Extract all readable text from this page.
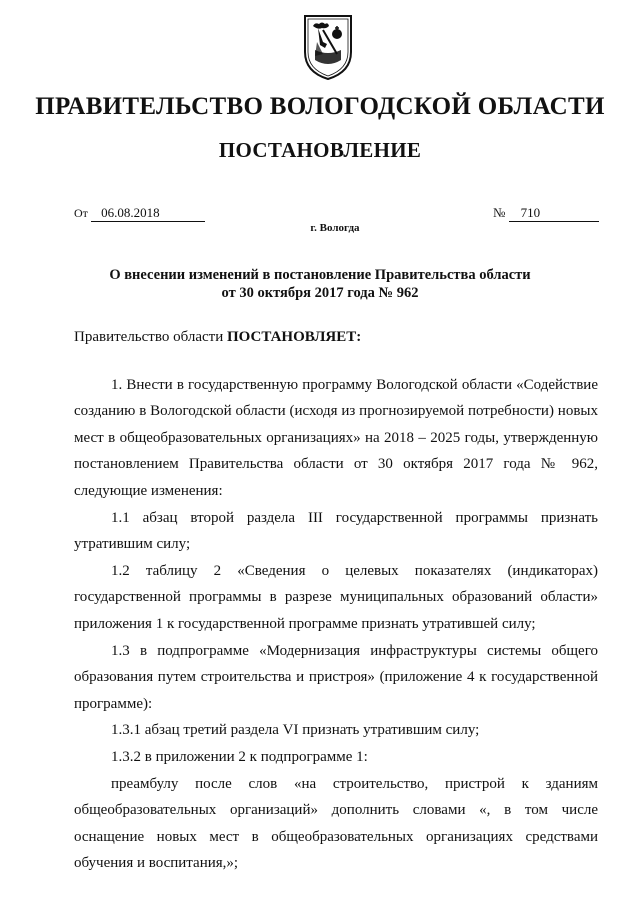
ПРАВИТЕЛЬСТВО ВОЛОГОДСКОЙ ОБЛАСТИ
ПОСТАНОВЛЕНИЕ
От 06.08.2018	№ 710
г. Вологда
О внесении изменений в постановление Правительства области
от 30 октября 2017 года № 962

Правительство области ПОСТАНОВЛЯЕТ:

1. Внести в государственную программу Вологодской области «Содействие созданию в Вологодской области (исходя из прогнозируемой потребности) новых мест в общеобразовательных организациях» на 2018 – 2025 годы, утвержденную постановлением Правительства области от 30 октября 2017 года № 962, следующие изменения:

1.1 абзац второй раздела III государственной программы признать утратившим силу;

1.2 таблицу 2 «Сведения о целевых показателях (индикаторах) государственной программы в разрезе муниципальных образований области» приложения 1 к государственной программе признать утратившей силу;

1.3 в подпрограмме «Модернизация инфраструктуры системы общего образования путем строительства и пристроя» (приложение 4 к государственной программе):

1.3.1 абзац третий раздела VI признать утратившим силу;

1.3.2 в приложении 2 к подпрограмме 1:

преамбулу после слов «на строительство, пристрой к зданиям общеобразовательных организаций» дополнить словами «, в том числе оснащение новых мест в общеобразовательных организациях средствами обучения и воспитания,»;
